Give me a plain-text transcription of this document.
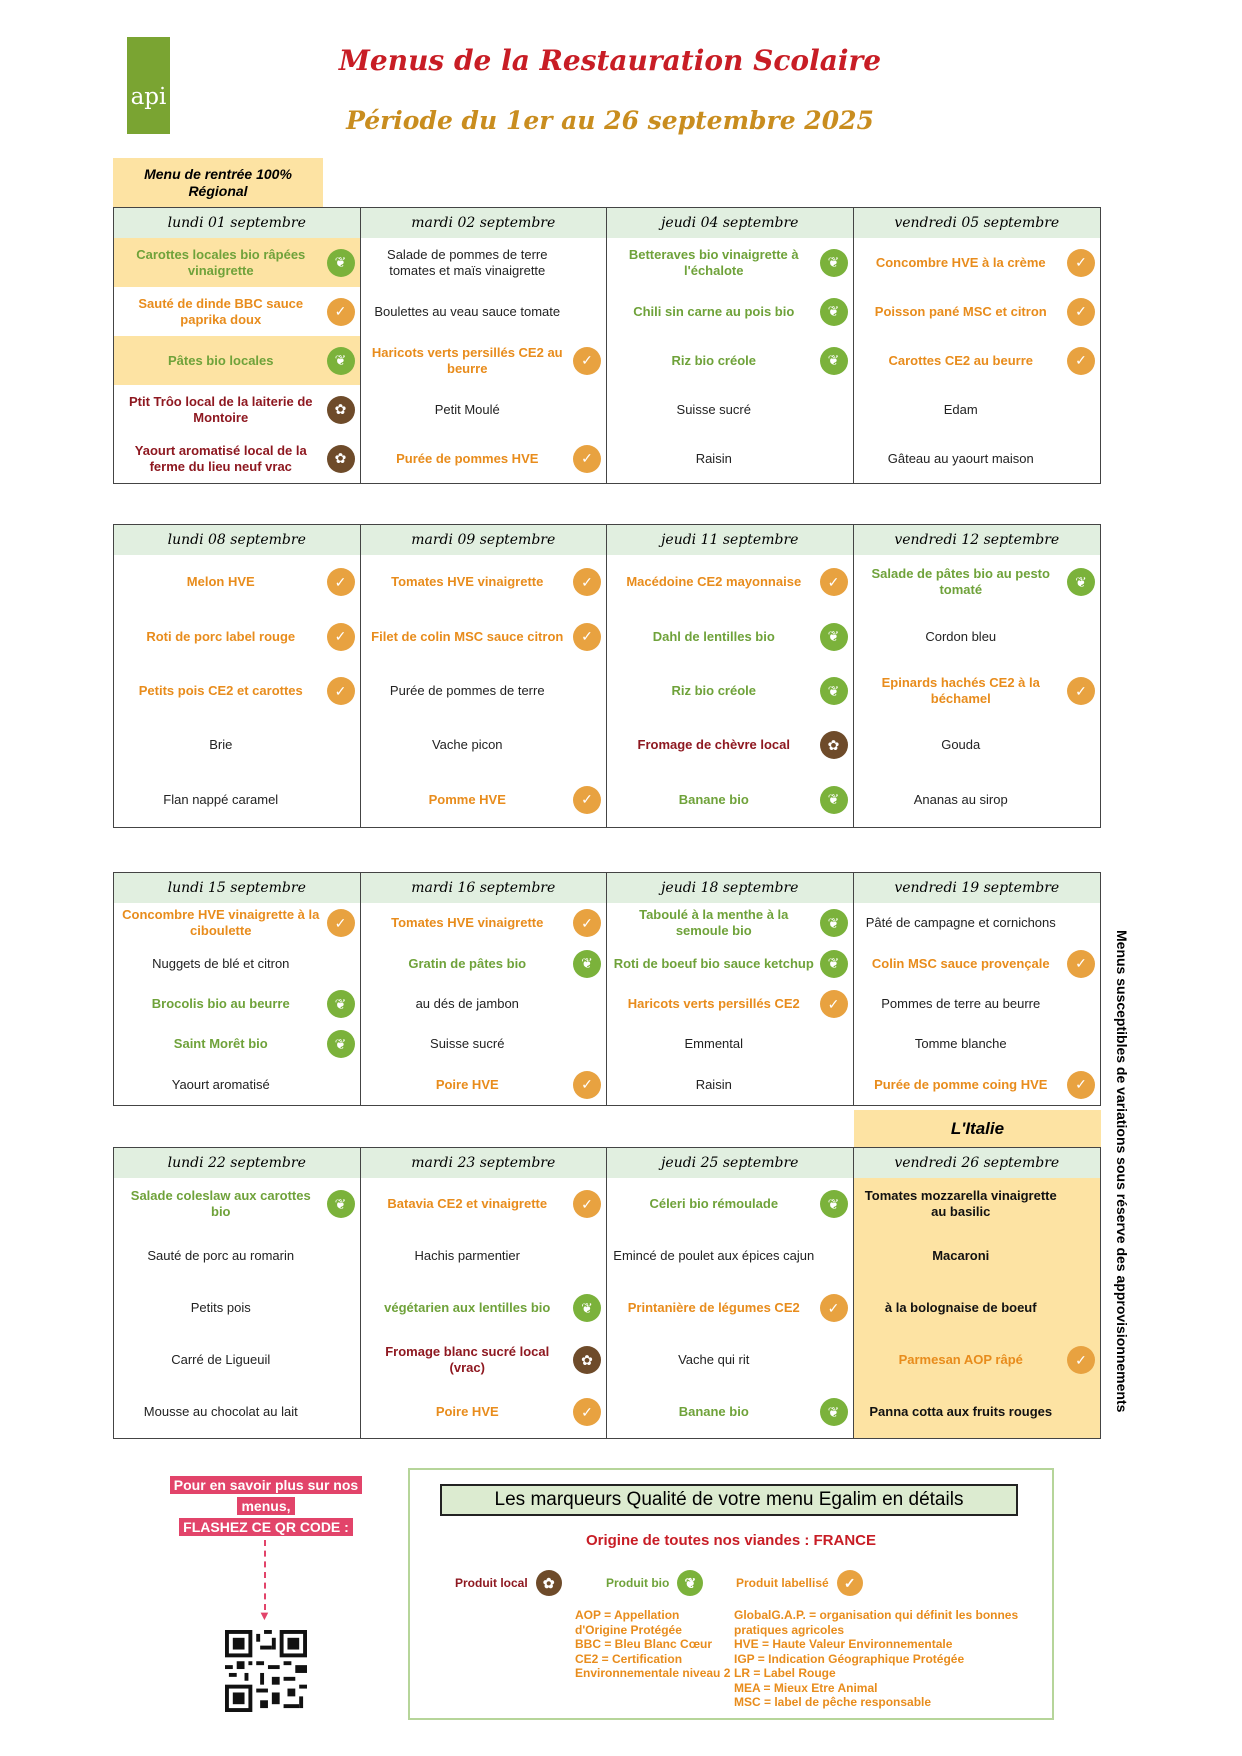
api
Menus de la Restauration Scolaire
Période du 1er au 26 septembre 2025
Menu de rentrée 100% Régional
L'Italie
lundi 01 septembre
Carottes locales bio râpées vinaigrette	❦
Sauté de dinde BBC sauce paprika doux	✓
Pâtes bio locales	❦
Ptit Trôo local de la laiterie de Montoire	✿
Yaourt aromatisé local de la ferme du lieu neuf vrac	✿
mardi 02 septembre
Salade de pommes de terre tomates et maïs vinaigrette
Boulettes au veau sauce tomate
Haricots verts persillés CE2 au beurre	✓
Petit Moulé
Purée de pommes HVE	✓
jeudi 04 septembre
Betteraves bio vinaigrette à l'échalote	❦
Chili sin carne au pois bio	❦
Riz bio créole	❦
Suisse sucré
Raisin
vendredi 05 septembre
Concombre HVE à la crème	✓
Poisson pané MSC et citron	✓
Carottes CE2 au beurre	✓
Edam
Gâteau au yaourt maison
lundi 08 septembre
Melon HVE	✓
Roti de porc label rouge	✓
Petits pois CE2 et carottes	✓
Brie
Flan nappé caramel
mardi 09 septembre
Tomates HVE vinaigrette	✓
Filet de colin MSC sauce citron	✓
Purée de pommes de terre
Vache picon
Pomme HVE	✓
jeudi 11 septembre
Macédoine CE2 mayonnaise	✓
Dahl de lentilles bio	❦
Riz bio créole	❦
Fromage de chèvre local	✿
Banane bio	❦
vendredi 12 septembre
Salade de pâtes bio au pesto tomaté	❦
Cordon bleu
Epinards hachés CE2 à la béchamel	✓
Gouda
Ananas au sirop
lundi 15 septembre
Concombre HVE vinaigrette à la ciboulette	✓
Nuggets de blé et citron
Brocolis bio au beurre	❦
Saint Morêt bio	❦
Yaourt aromatisé
mardi 16 septembre
Tomates HVE vinaigrette	✓
Gratin de pâtes bio	❦
au dés de jambon
Suisse sucré
Poire HVE	✓
jeudi 18 septembre
Taboulé à la menthe à la semoule bio	❦
Roti de boeuf bio sauce ketchup ❦
Haricots verts persillés CE2	✓
Emmental
Raisin
vendredi 19 septembre
Pâté de campagne et cornichons
Colin MSC sauce provençale	✓
Pommes de terre au beurre
Tomme blanche
Purée de pomme coing HVE	✓
lundi 22 septembre
Salade coleslaw aux carottes bio	❦
Sauté de porc au romarin
Petits pois
Carré de Ligueuil
Mousse au chocolat au lait
mardi 23 septembre
Batavia CE2 et vinaigrette	✓
Hachis parmentier
végétarien aux lentilles bio	❦
Fromage blanc sucré local (vrac)	✿
Poire HVE	✓
jeudi 25 septembre
Céleri bio rémoulade	❦
Emincé de poulet aux épices cajun
Printanière de légumes CE2	✓
Vache qui rit
Banane bio	❦
vendredi 26 septembre
Tomates mozzarella vinaigrette au basilic
Macaroni
à la bolognaise de boeuf
Parmesan AOP râpé	✓
Panna cotta aux fruits rouges	Menus susceptibles de variations sous réserve des approvisionnements
Pour en savoir plus sur nos
menus,
FLASHEZ CE QR CODE :
▼
Les marqueurs Qualité de votre menu Egalim en détails
Origine de toutes nos viandes : FRANCE
Produit local	✿	Produit bio	❦	Produit labellisé	✓
AOP = Appellation
d'Origine Protégée
BBC = Bleu Blanc Cœur
CE2 = Certification
Environnementale niveau 2
GlobalG.A.P. = organisation qui définit les bonnes
pratiques agricoles
HVE = Haute Valeur Environnementale
IGP = Indication Géographique Protégée
LR = Label Rouge
MEA = Mieux Etre Animal
MSC = label de pêche responsable
